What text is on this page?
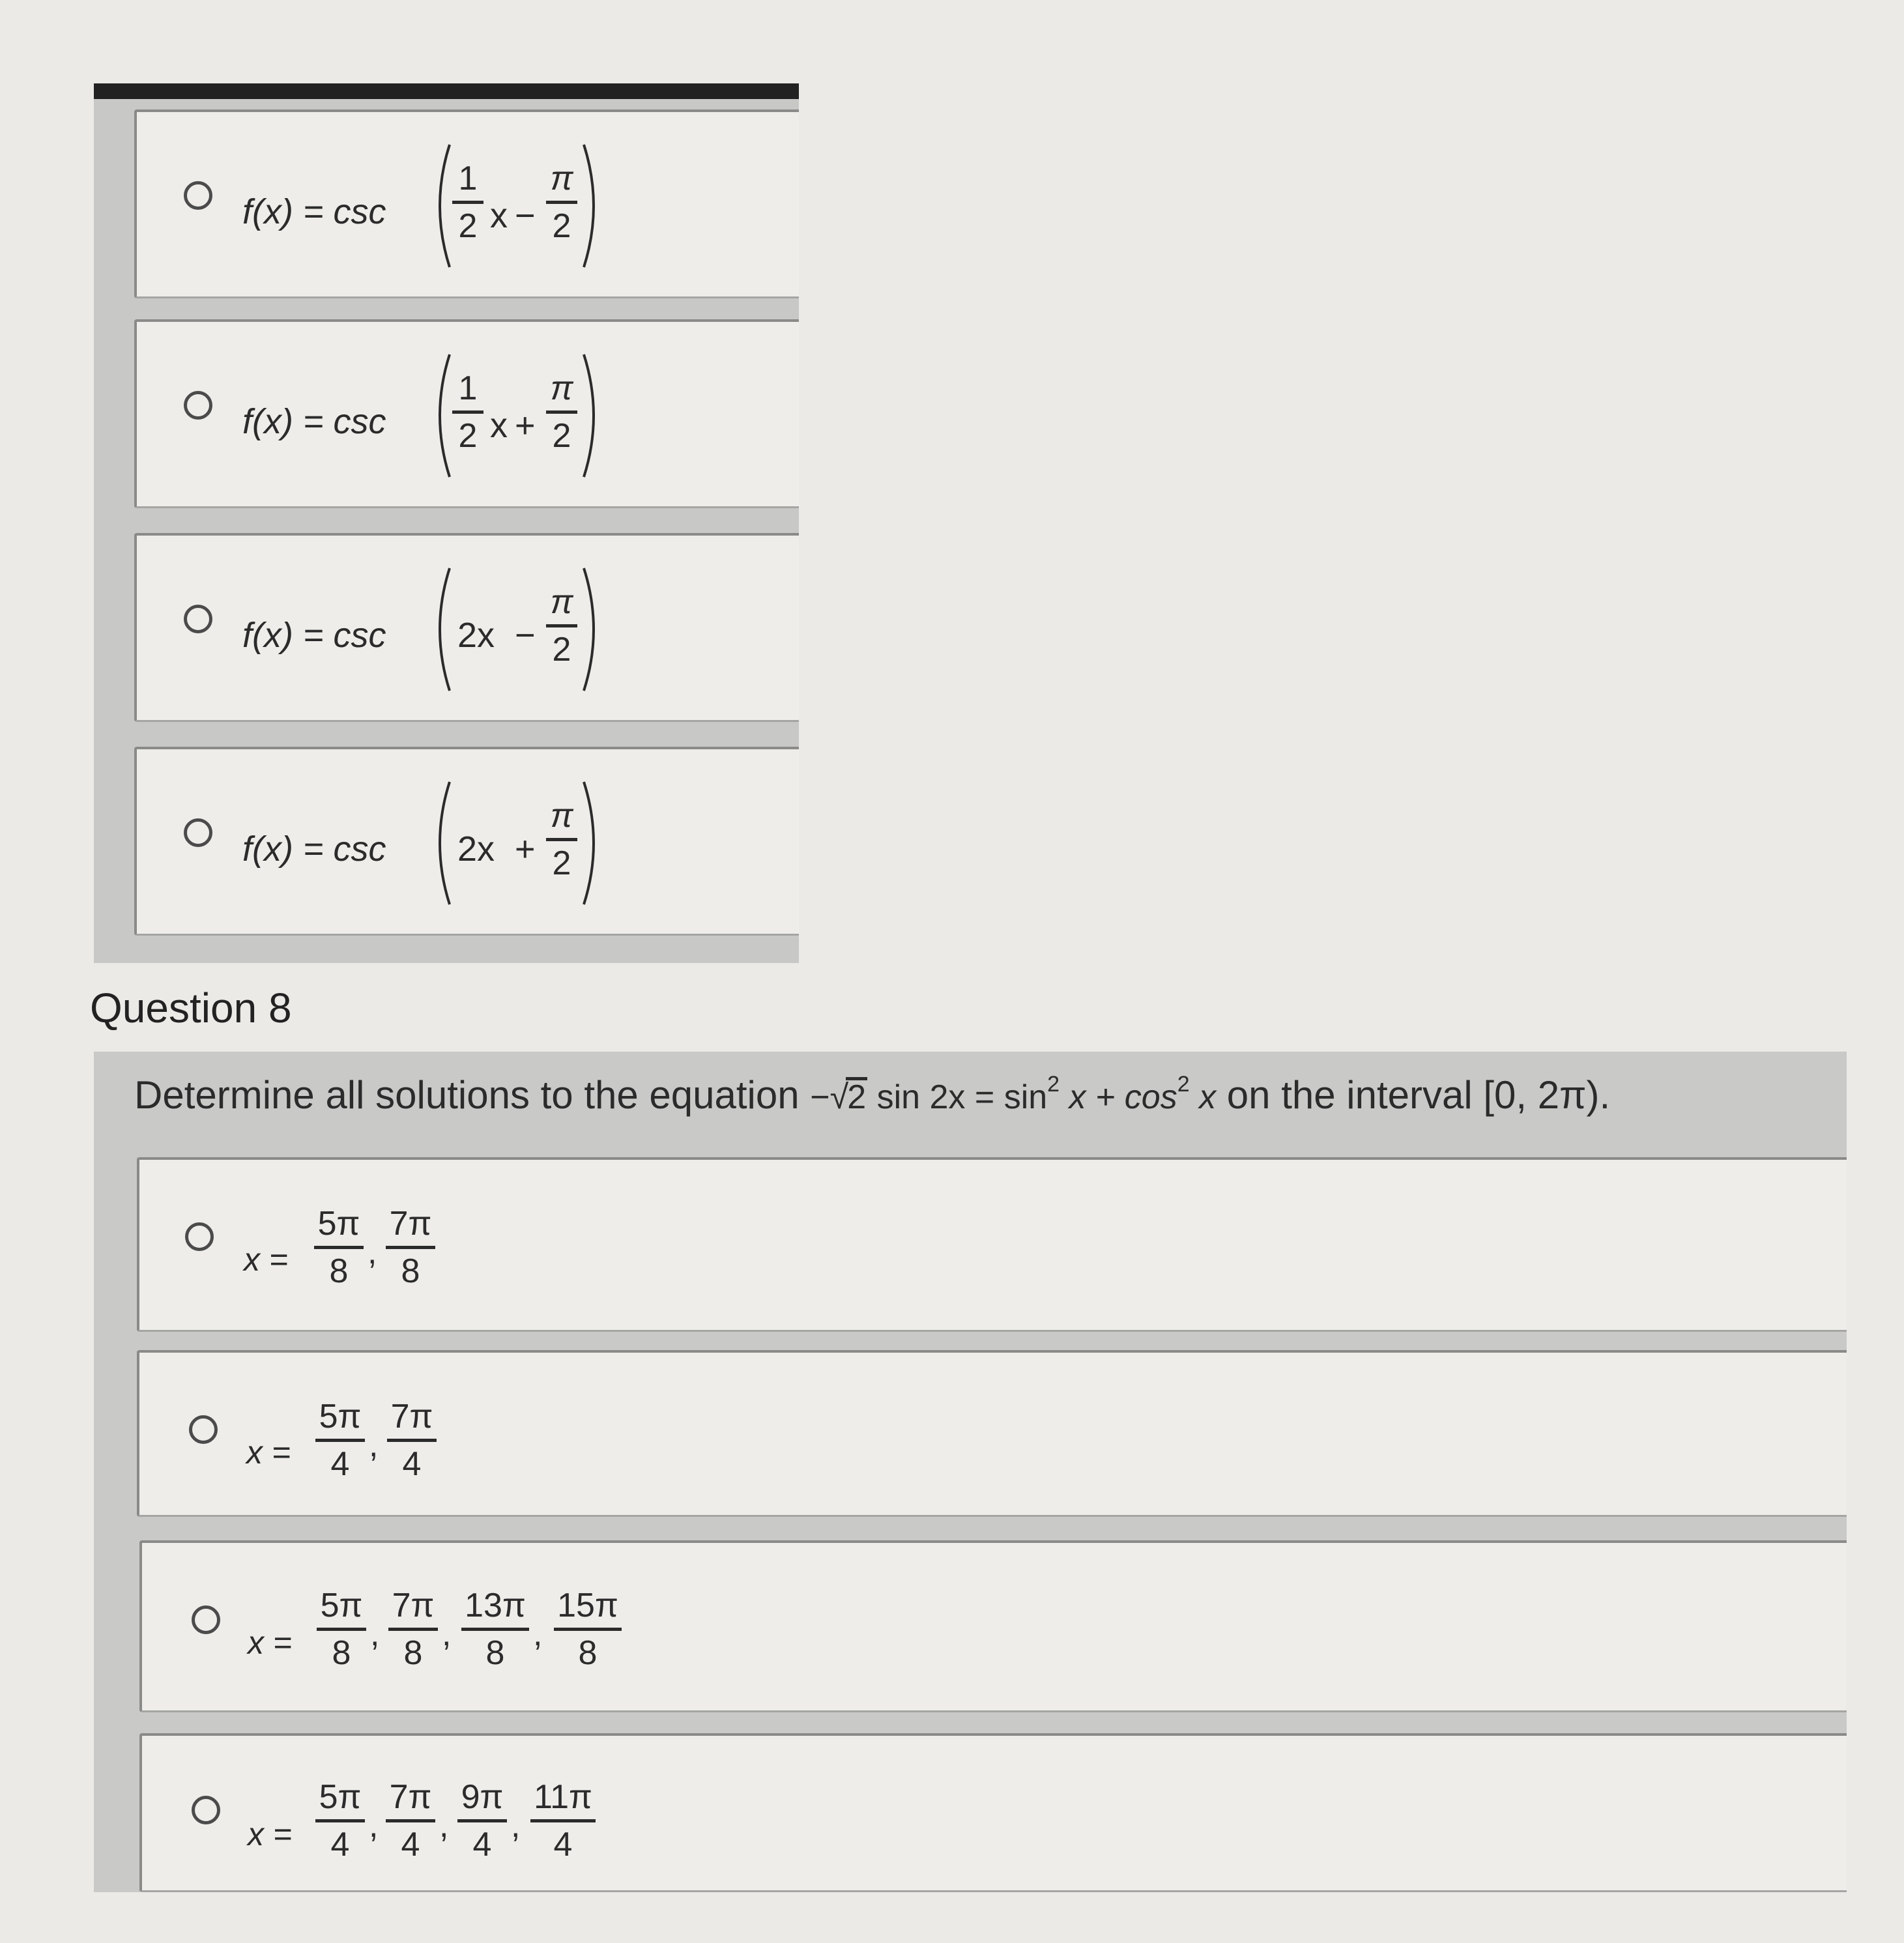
f(x) = csc
1
2 x −
π
2
f(x) = csc
1
2 x +
π
2
f(x) = csc 2x −
π
2
f(x) = csc 2x +
π
2
Question 8
Determine all solutions to the equation −√2 $\sin 2x = \sin^2 x + \cos^2 x$ on the interval [0, 2π).
x =
5π
8 ,
7π
8
x =
5π
4 ,
7π
4
x =
5π
8 ,
7π
8 ,
13π
8 ,
15π
8
x =
5π
4 ,
7π
4 ,
9π
4 ,
11π
4
